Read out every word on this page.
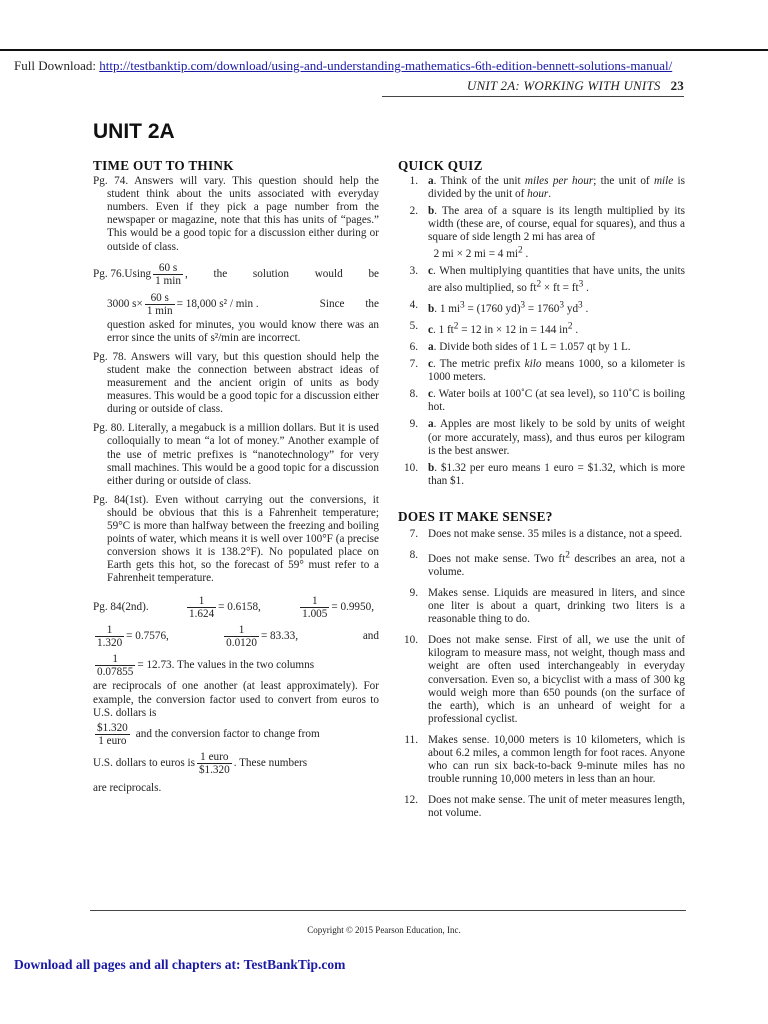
Full Download: http://testbanktip.com/download/using-and-understanding-mathematics-6th-edition-bennett-solutions-manual/
UNIT 2A: WORKING WITH UNITS 23
UNIT 2A
TIME OUT TO THINK

Pg. 74. Answers will vary. This question should help the student think about the units associated with everyday numbers. Even if they pick a page number from the newspaper or magazine, note that this has units of “pages.” This would be a good topic for a discussion either during or outside of class.

Pg. 76. Using $\frac{60 s}{1 \min}$ , the solution would be
3000 $s\times \frac{60 s}{1 \min} = 18,000$ s² / min .	Since the

question asked for minutes, you would know there was an error since the units of s²/min are incorrect.

Pg. 78. Answers will vary, but this question should help the student make the connection between abstract ideas of measurement and the ancient origin of units as body measures. This would be a good topic for a discussion either during or outside of class.

Pg. 80. Literally, a megabuck is a million dollars. But it is used colloquially to mean “a lot of money.” Another example of the use of metric prefixes is “nanotechnology” for very small machines. This would be a good topic for a discussion either during or outside of class.

Pg. 84(1st). Even without carrying out the conversions, it should be obvious that this is a Fahrenheit temperature; 59°C is more than halfway between the freezing and boiling points of water, which means it is well over 100°F (a precise conversion shows it is 138.2°F). No populated place on Earth gets this hot, so the forecast of 59° must refer to a Fahrenheit temperature.

Pg. 84(2nd).	$\frac{1}{1.624} = 0.6158$,	$\frac{1}{1.005} = 0.9950$,
$\frac{1}{1.320} = 0.7576$,	$\frac{1}{0.0120} = 83.33$,	and
$\frac{1}{0.07855} = 12.73$. The values in the two columns

are reciprocals of one another (at least approximately). For example, the conversion factor used to convert from euros to U.S. dollars is

$\frac{\$1.320}{\text{1 euro}}$ and the conversion factor to change from
U.S. dollars to euros is $\frac{\text{1 euro}}{\$1.320}$ . These numbers

are reciprocals.

QUICK QUIZ
1. a. Think of the unit miles per hour; the unit of mile is divided by the unit of hour.
2. b. The area of a square is its length multiplied by its width (these are, of course, equal for squares), and thus a square of side length 2 mi has area of
2 mi × 2 mi = 4 $mi^2$ .
3. c. When multiplying quantities that have units, the units are also multiplied, so $ft^2$ × ft = $ft^3$ .
4. b. 1 $mi^3 = (1760$ $yd)^3 = 1760^3$ $yd^3$ .
5. c. 1 $ft^2 = 12$ in × 12 in = 144 $in^2$ .
6. a. Divide both sides of 1 L = 1.057 qt by 1 L.
7. c. The metric prefix kilo means 1000, so a kilometer is 1000 meters.
8. c. Water boils at 100˚C (at sea level), so 110˚C is boiling hot.
9. a. Apples are most likely to be sold by units of weight (or more accurately, mass), and thus euros per kilogram is the best answer.
10. b. $1.32 per euro means 1 euro = $1.32, which is more than $1.
DOES IT MAKE SENSE?
7. Does not make sense. 35 miles is a distance, not a speed.
8. Does not make sense. Two $ft^2$ describes an area, not a volume.
9. Makes sense. Liquids are measured in liters, and since one liter is about a quart, drinking two liters is a reasonable thing to do.
10. Does not make sense. First of all, we use the unit of kilogram to measure mass, not weight, though mass and weight are often used interchangeably in everyday conversation. Even so, a bicyclist with a mass of 300 kg would weigh more than 650 pounds (on the surface of the earth), which is an unheard of weight for a professional cyclist.
11. Makes sense. 10,000 meters is 10 kilometers, which is about 6.2 miles, a common length for foot races. Anyone who can run six back-to-back 9-minute miles has no trouble running 10,000 meters in less than an hour.
12. Does not make sense. The unit of meter measures length, not volume.
Copyright © 2015 Pearson Education, Inc.
Download all pages and all chapters at: TestBankTip.com
